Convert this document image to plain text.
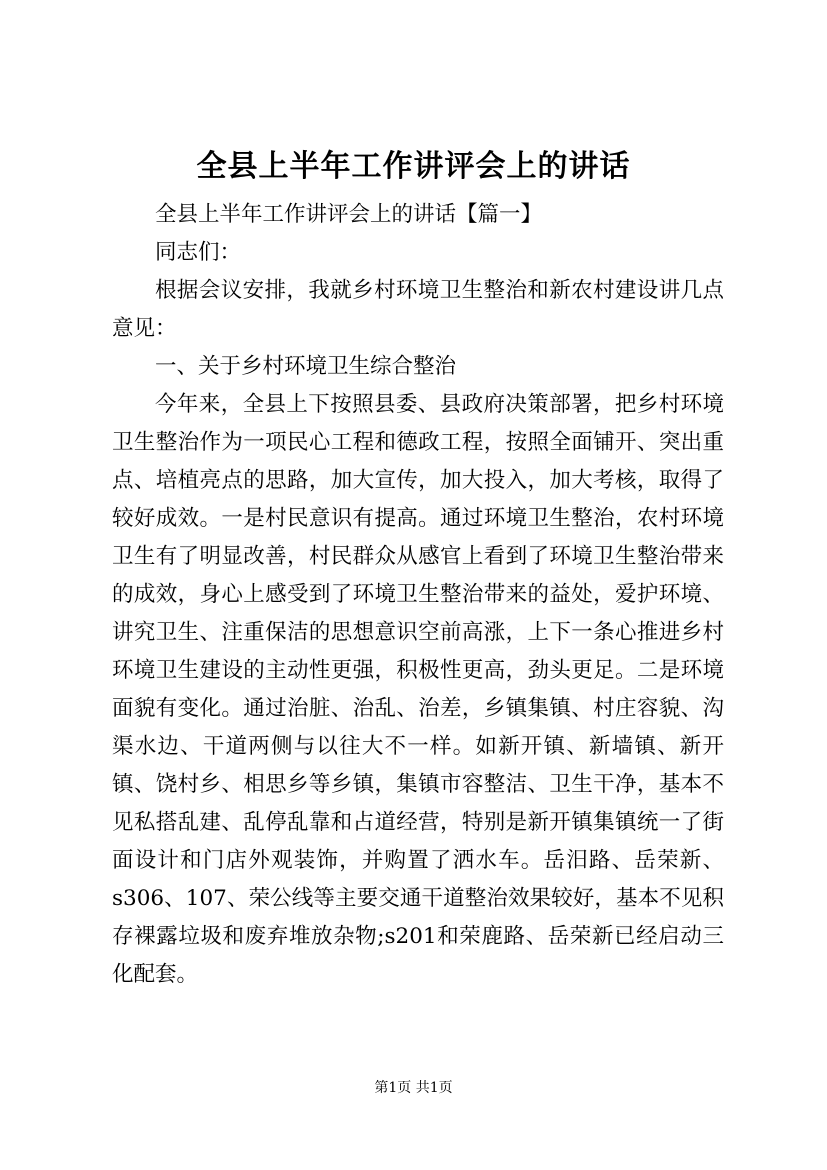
全县上半年工作讲评会上的讲话

全县上半年工作讲评会上的讲话【篇一】

同志们：

根据会议安排，我就乡村环境卫生整治和新农村建设讲几点意见：

一、关于乡村环境卫生综合整治

今年来，全县上下按照县委、县政府决策部署，把乡村环境卫生整治作为一项民心工程和德政工程，按照全面铺开、突出重点、培植亮点的思路，加大宣传，加大投入，加大考核，取得了较好成效。一是村民意识有提高。通过环境卫生整治，农村环境卫生有了明显改善，村民群众从感官上看到了环境卫生整治带来的成效，身心上感受到了环境卫生整治带来的益处，爱护环境、讲究卫生、注重保洁的思想意识空前高涨，上下一条心推进乡村环境卫生建设的主动性更强，积极性更高，劲头更足。二是环境面貌有变化。通过治脏、治乱、治差，乡镇集镇、村庄容貌、沟渠水边、干道两侧与以往大不一样。如新开镇、新墙镇、新开镇、饶村乡、相思乡等乡镇，集镇市容整洁、卫生干净，基本不见私搭乱建、乱停乱靠和占道经营，特别是新开镇集镇统一了街面设计和门店外观装饰，并购置了洒水车。岳汨路、岳荣新、s306、107、荣公线等主要交通干道整治效果较好，基本不见积存裸露垃圾和废弃堆放杂物;s201和荣鹿路、岳荣新已经启动三化配套。

第1页 共1页
